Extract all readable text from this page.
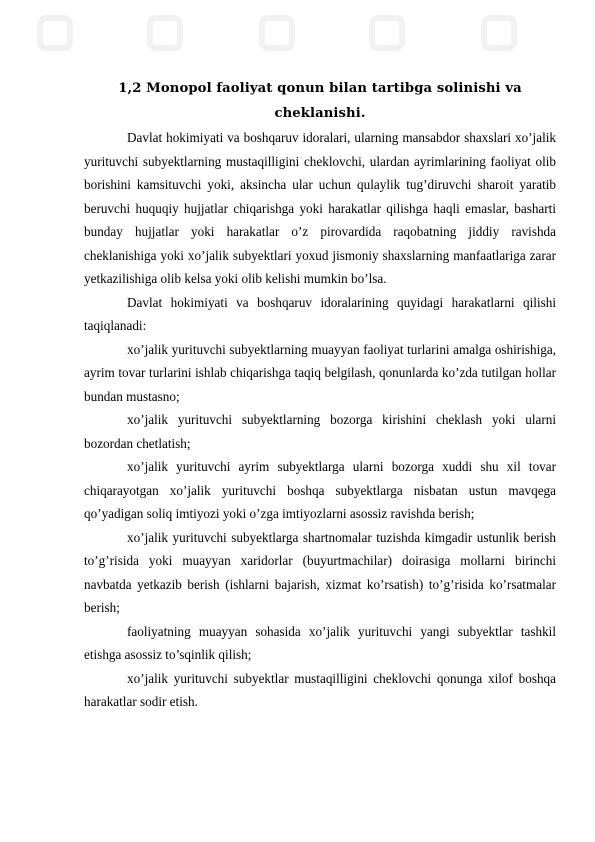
1,2 Monopol faoliyat qonun bilan tartibga solinishi va
cheklanishi.

Davlat hokimiyati va boshqaruv idoralari, ularning mansabdor shaxslari xo’jalik yurituvchi subyektlarning mustaqilligini cheklovchi, ulardan ayrimlarining faoliyat olib borishini kamsituvchi yoki, aksincha ular uchun qulaylik tug’diruvchi sharoit yaratib beruvchi huquqiy hujjatlar chiqarishga yoki harakatlar qilishga haqli emaslar, basharti bunday hujjatlar yoki harakatlar o’z pirovardida raqobatning jiddiy ravishda cheklanishiga yoki xo’jalik subyektlari yoxud jismoniy shaxslarning manfaatlariga zarar yetkazilishiga olib kelsa yoki olib kelishi mumkin bo’lsa.

Davlat hokimiyati va boshqaruv idoralarining quyidagi harakatlarni qilishi taqiqlanadi:

xo’jalik yurituvchi subyektlarning muayyan faoliyat turlarini amalga oshirishiga, ayrim tovar turlarini ishlab chiqarishga taqiq belgilash, qonunlarda ko’zda tutilgan hollar bundan mustasno;

xo’jalik yurituvchi subyektlarning bozorga kirishini cheklash yoki ularni bozordan chetlatish;

xo’jalik yurituvchi ayrim subyektlarga ularni bozorga xuddi shu xil tovar chiqarayotgan xo’jalik yurituvchi boshqa subyektlarga nisbatan ustun mavqega qo’yadigan soliq imtiyozi yoki o’zga imtiyozlarni asossiz ravishda berish;

xo’jalik yurituvchi subyektlarga shartnomalar tuzishda kimgadir ustunlik berish to’g’risida yoki muayyan xaridorlar (buyurtmachilar) doirasiga mollarni birinchi navbatda yetkazib berish (ishlarni bajarish, xizmat ko’rsatish) to’g’risida ko’rsatmalar berish;

faoliyatning muayyan sohasida xo’jalik yurituvchi yangi subyektlar tashkil etishga asossiz to’sqinlik qilish;

xo’jalik yurituvchi subyektlar mustaqilligini cheklovchi qonunga xilof boshqa harakatlar sodir etish.
